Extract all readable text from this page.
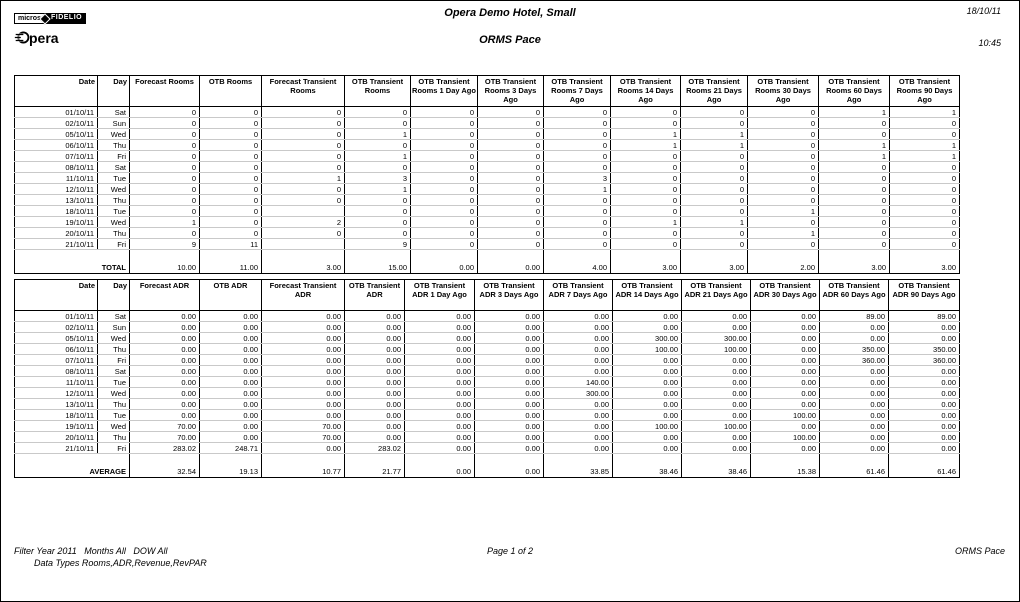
micros	FIDELIO
pera
Opera Demo Hotel, Small
ORMS Pace
18/10/11
10:45
Date	Day	Forecast Rooms	OTB Rooms	Forecast Transient Rooms	OTB Transient Rooms	OTB Transient Rooms 1 Day Ago	OTB Transient Rooms 3 Days Ago	OTB Transient Rooms 7 Days Ago	OTB Transient Rooms 14 Days Ago	OTB Transient Rooms 21 Days Ago	OTB Transient Rooms 30 Days Ago	OTB Transient Rooms 60 Days Ago	OTB Transient Rooms 90 Days Ago
01/10/11	Sat	0	0	0	0	0	0	0	0	0	0	1	1
02/10/11	Sun	0	0	0	0	0	0	0	0	0	0	0	0
05/10/11	Wed	0	0	0	1	0	0	0	1	1	0	0	0
06/10/11	Thu	0	0	0	0	0	0	0	1	1	0	1	1
07/10/11	Fri	0	0	0	1	0	0	0	0	0	0	1	1
08/10/11	Sat	0	0	0	0	0	0	0	0	0	0	0	0
11/10/11	Tue	0	0	1	3	0	0	3	0	0	0	0	0
12/10/11	Wed	0	0	0	1	0	0	1	0	0	0	0	0
13/10/11	Thu	0	0	0	0	0	0	0	0	0	0	0	0
18/10/11	Tue	0	0		0	0	0	0	0	0	1	0	0
19/10/11	Wed	1	0	2	0	0	0	0	1	1	0	0	0
20/10/11	Thu	0	0	0	0	0	0	0	0	0	1	0	0
21/10/11	Fri	9	11		9	0	0	0	0	0	0	0	0

TOTAL		10.00	11.00	3.00	15.00	0.00	0.00	4.00	3.00	3.00	2.00	3.00	3.00
Date	Day	Forecast ADR	OTB ADR	Forecast Transient ADR	OTB Transient ADR	OTB Transient ADR 1 Day Ago	OTB Transient ADR 3 Days Ago	OTB Transient ADR 7 Days Ago	OTB Transient ADR 14 Days Ago	OTB Transient ADR 21 Days Ago	OTB Transient ADR 30 Days Ago	OTB Transient ADR 60 Days Ago	OTB Transient ADR 90 Days Ago
01/10/11	Sat	0.00	0.00	0.00	0.00	0.00	0.00	0.00	0.00	0.00	0.00	89.00	89.00
02/10/11	Sun	0.00	0.00	0.00	0.00	0.00	0.00	0.00	0.00	0.00	0.00	0.00	0.00
05/10/11	Wed	0.00	0.00	0.00	0.00	0.00	0.00	0.00	300.00	300.00	0.00	0.00	0.00
06/10/11	Thu	0.00	0.00	0.00	0.00	0.00	0.00	0.00	100.00	100.00	0.00	350.00	350.00
07/10/11	Fri	0.00	0.00	0.00	0.00	0.00	0.00	0.00	0.00	0.00	0.00	360.00	360.00
08/10/11	Sat	0.00	0.00	0.00	0.00	0.00	0.00	0.00	0.00	0.00	0.00	0.00	0.00
11/10/11	Tue	0.00	0.00	0.00	0.00	0.00	0.00	140.00	0.00	0.00	0.00	0.00	0.00
12/10/11	Wed	0.00	0.00	0.00	0.00	0.00	0.00	300.00	0.00	0.00	0.00	0.00	0.00
13/10/11	Thu	0.00	0.00	0.00	0.00	0.00	0.00	0.00	0.00	0.00	0.00	0.00	0.00
18/10/11	Tue	0.00	0.00	0.00	0.00	0.00	0.00	0.00	0.00	0.00	100.00	0.00	0.00
19/10/11	Wed	70.00	0.00	70.00	0.00	0.00	0.00	0.00	100.00	100.00	0.00	0.00	0.00
20/10/11	Thu	70.00	0.00	70.00	0.00	0.00	0.00	0.00	0.00	0.00	100.00	0.00	0.00
21/10/11	Fri	283.02	248.71	0.00	283.02	0.00	0.00	0.00	0.00	0.00	0.00	0.00	0.00

AVERAGE		32.54	19.13	10.77	21.77	0.00	0.00	33.85	38.46	38.46	15.38	61.46	61.46
Filter Year 2011   Months All   DOW All
Data Types Rooms,ADR,Revenue,RevPAR
Page 1 of 2	ORMS Pace
